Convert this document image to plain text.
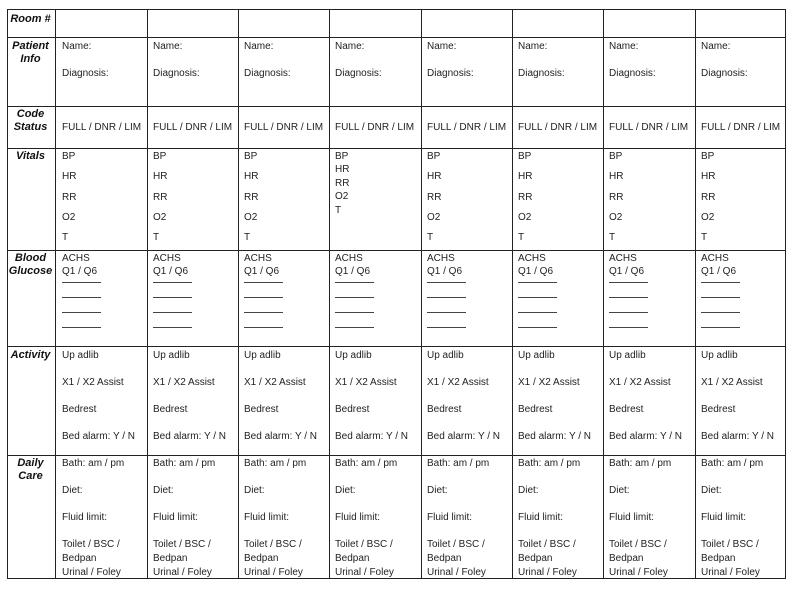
Room #
Patient
Info
Code
Status
Vitals
Blood
Glucose
Activity
Daily
Care
Name:
Diagnosis:
FULL / DNR / LIM
BP
HR
RR
O2
T
ACHS
Q1 / Q6
Up adlib
X1 / X2 Assist
Bedrest
Bed alarm: Y / N
Bath: am / pm
Diet:
Fluid limit:
Toilet / BSC /
Bedpan
Urinal / Foley
Name:
Diagnosis:
FULL / DNR / LIM
BP
HR
RR
O2
T
ACHS
Q1 / Q6
Up adlib
X1 / X2 Assist
Bedrest
Bed alarm: Y / N
Bath: am / pm
Diet:
Fluid limit:
Toilet / BSC /
Bedpan
Urinal / Foley
Name:
Diagnosis:
FULL / DNR / LIM
BP
HR
RR
O2
T
ACHS
Q1 / Q6
Up adlib
X1 / X2 Assist
Bedrest
Bed alarm: Y / N
Bath: am / pm
Diet:
Fluid limit:
Toilet / BSC /
Bedpan
Urinal / Foley
Name:
Diagnosis:
FULL / DNR / LIM
BP
HR
RR
O2
T
ACHS
Q1 / Q6
Up adlib
X1 / X2 Assist
Bedrest
Bed alarm: Y / N
Bath: am / pm
Diet:
Fluid limit:
Toilet / BSC /
Bedpan
Urinal / Foley
Name:
Diagnosis:
FULL / DNR / LIM
BP
HR
RR
O2
T
ACHS
Q1 / Q6
Up adlib
X1 / X2 Assist
Bedrest
Bed alarm: Y / N
Bath: am / pm
Diet:
Fluid limit:
Toilet / BSC /
Bedpan
Urinal / Foley
Name:
Diagnosis:
FULL / DNR / LIM
BP
HR
RR
O2
T
ACHS
Q1 / Q6
Up adlib
X1 / X2 Assist
Bedrest
Bed alarm: Y / N
Bath: am / pm
Diet:
Fluid limit:
Toilet / BSC /
Bedpan
Urinal / Foley
Name:
Diagnosis:
FULL / DNR / LIM
BP
HR
RR
O2
T
ACHS
Q1 / Q6
Up adlib
X1 / X2 Assist
Bedrest
Bed alarm: Y / N
Bath: am / pm
Diet:
Fluid limit:
Toilet / BSC /
Bedpan
Urinal / Foley
Name:
Diagnosis:
FULL / DNR / LIM
BP
HR
RR
O2
T
ACHS
Q1 / Q6
Up adlib
X1 / X2 Assist
Bedrest
Bed alarm: Y / N
Bath: am / pm
Diet:
Fluid limit:
Toilet / BSC /
Bedpan
Urinal / Foley
